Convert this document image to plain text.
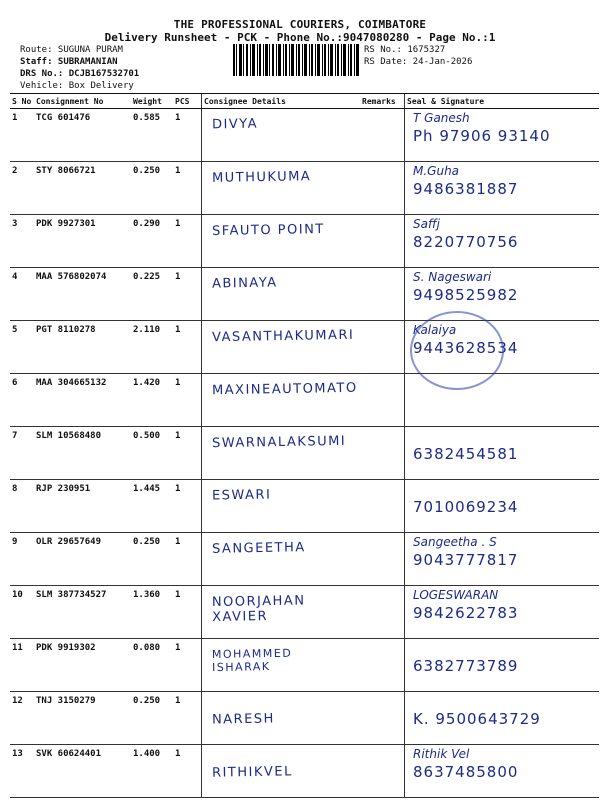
THE PROFESSIONAL COURIERS, COIMBATORE
Delivery Runsheet - PCK - Phone No.:9047080280 - Page No.:1
Route: SUGUNA PURAM
Staff: SUBRAMANIAN
DRS No.: DCJB167532701
Vehicle: Box Delivery
RS No.: 1675327
RS Date: 24-Jan-2026
S No	Consignment No	Weight	PCS	Consignee Details	Remarks	Seal & Signature
1	TCG 601476	0.585	1	DIVYA		T Ganesh
Ph 97906 93140

2	STY 8066721	0.250	1	MUTHUKUMA		M.Guha
9486381887

3	PDK 9927301	0.290	1	SFAUTO POINT		Saffj
8220770756

4	MAA 576802074	0.225	1	ABINAYA		S. Nageswari
9498525982

5	PGT 8110278	2.110	1	VASANTHAKUMARI		Kalaiya
9443628534

6	MAA 304665132	1.420	1	MAXINEAUTOMATO		

7	SLM 10568480	0.500	1	SWARNALAKSUMI		6382454581

8	RJP 230951	1.445	1	ESWARI		7010069234

9	OLR 29657649	0.250	1	SANGEETHA		Sangeetha . S
9043777817

10	SLM 387734527	1.360	1	NOORJAHAN XAVIER		LOGESWARAN
9842622783

11	PDK 9919302	0.080	1	MOHAMMED ISHARAK		6382773789

12	TNJ 3150279	0.250	1	NARESH		K. 9500643729

13	SVK 60624401	1.400	1	RITHIKVEL		Rithik Vel
8637485800
